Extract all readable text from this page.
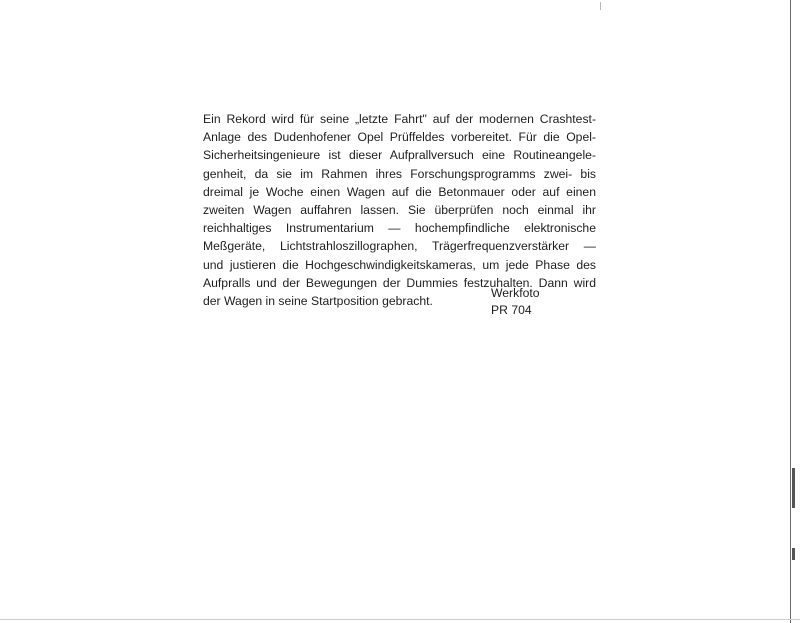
Ein Rekord wird für seine „letzte Fahrt" auf der modernen Crashtest-
Anlage des Dudenhofener Opel Prüffeldes vorbereitet. Für die Opel-
Sicherheitsingenieure ist dieser Aufprallversuch eine Routineangele-
genheit, da sie im Rahmen ihres Forschungsprogramms zwei- bis
dreimal je Woche einen Wagen auf die Betonmauer oder auf einen
zweiten Wagen auffahren lassen. Sie überprüfen noch einmal ihr
reichhaltiges Instrumentarium — hochempfindliche elektronische
Meßgeräte, Lichtstrahloszillographen, Trägerfrequenzverstärker —
und justieren die Hochgeschwindigkeitskameras, um jede Phase des
Aufpralls und der Bewegungen der Dummies festzuhalten. Dann wird
der Wagen in seine Startposition gebracht.
Werkfoto
PR 704
